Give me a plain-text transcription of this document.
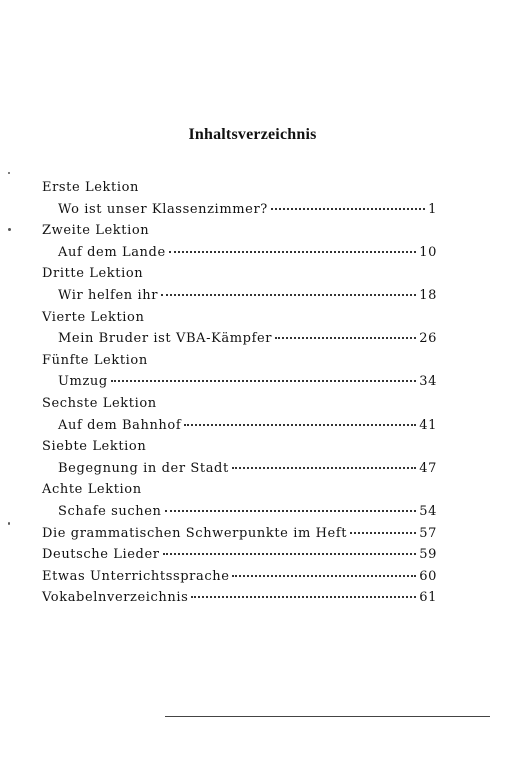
Inhaltsverzeichnis
Erste Lektion
Wo ist unser Klassenzimmer?	1
Zweite Lektion
Auf dem Lande	10
Dritte Lektion
Wir helfen ihr	18
Vierte Lektion
Mein Bruder ist VBA-Kämpfer	26
Fünfte Lektion
Umzug	34
Sechste Lektion
Auf dem Bahnhof	41
Siebte Lektion
Begegnung in der Stadt	47
Achte Lektion
Schafe suchen	54
Die grammatischen Schwerpunkte im Heft	57
Deutsche Lieder	59
Etwas Unterrichtssprache	60
Vokabelnverzeichnis	61
